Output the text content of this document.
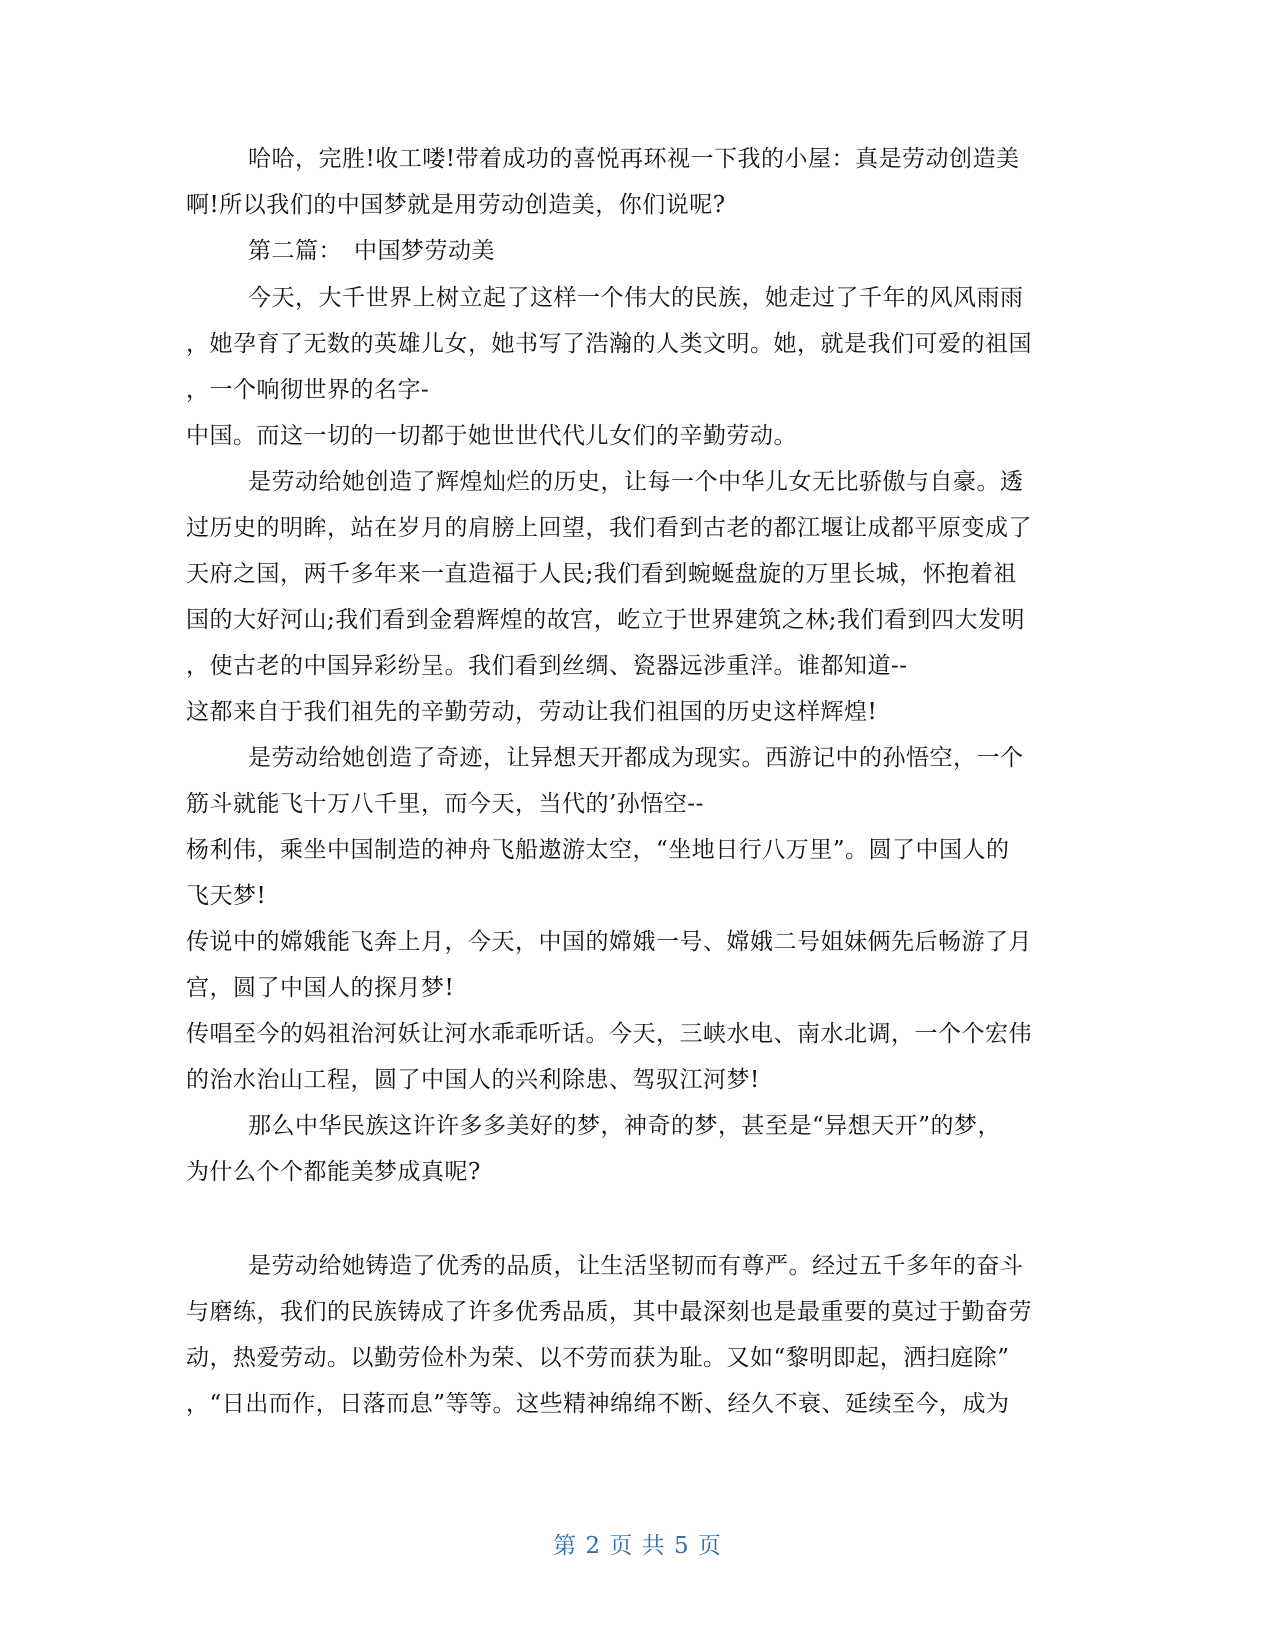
哈哈，完胜!收工喽!带着成功的喜悦再环视一下我的小屋：真是劳动创造美
啊!所以我们的中国梦就是用劳动创造美，你们说呢?
第二篇：　中国梦劳动美
今天，大千世界上树立起了这样一个伟大的民族，她走过了千年的风风雨雨
，她孕育了无数的英雄儿女，她书写了浩瀚的人类文明。她，就是我们可爱的祖国
，一个响彻世界的名字-
中国。而这一切的一切都于她世世代代儿女们的辛勤劳动。
是劳动给她创造了辉煌灿烂的历史，让每一个中华儿女无比骄傲与自豪。透
过历史的明眸，站在岁月的肩膀上回望，我们看到古老的都江堰让成都平原变成了
天府之国，两千多年来一直造福于人民;我们看到蜿蜒盘旋的万里长城，怀抱着祖
国的大好河山;我们看到金碧辉煌的故宫，屹立于世界建筑之林;我们看到四大发明
，使古老的中国异彩纷呈。我们看到丝绸、瓷器远涉重洋。谁都知道--
这都来自于我们祖先的辛勤劳动，劳动让我们祖国的历史这样辉煌!
是劳动给她创造了奇迹，让异想天开都成为现实。西游记中的孙悟空，一个
筋斗就能飞十万八千里，而今天，当代的’孙悟空--
杨利伟，乘坐中国制造的神舟飞船遨游太空，“坐地日行八万里”。圆了中国人的
飞天梦!
传说中的嫦娥能飞奔上月，今天，中国的嫦娥一号、嫦娥二号姐妹俩先后畅游了月
宫，圆了中国人的探月梦!
传唱至今的妈祖治河妖让河水乖乖听话。今天，三峡水电、南水北调，一个个宏伟
的治水治山工程，圆了中国人的兴利除患、驾驭江河梦!
那么中华民族这许许多多美好的梦，神奇的梦，甚至是“异想天开”的梦，
为什么个个都能美梦成真呢?
是劳动给她铸造了优秀的品质，让生活坚韧而有尊严。经过五千多年的奋斗
与磨练，我们的民族铸成了许多优秀品质，其中最深刻也是最重要的莫过于勤奋劳
动，热爱劳动。以勤劳俭朴为荣、以不劳而获为耻。又如“黎明即起，洒扫庭除”
，“日出而作，日落而息”等等。这些精神绵绵不断、经久不衰、延续至今，成为
第 2 页 共 5 页
